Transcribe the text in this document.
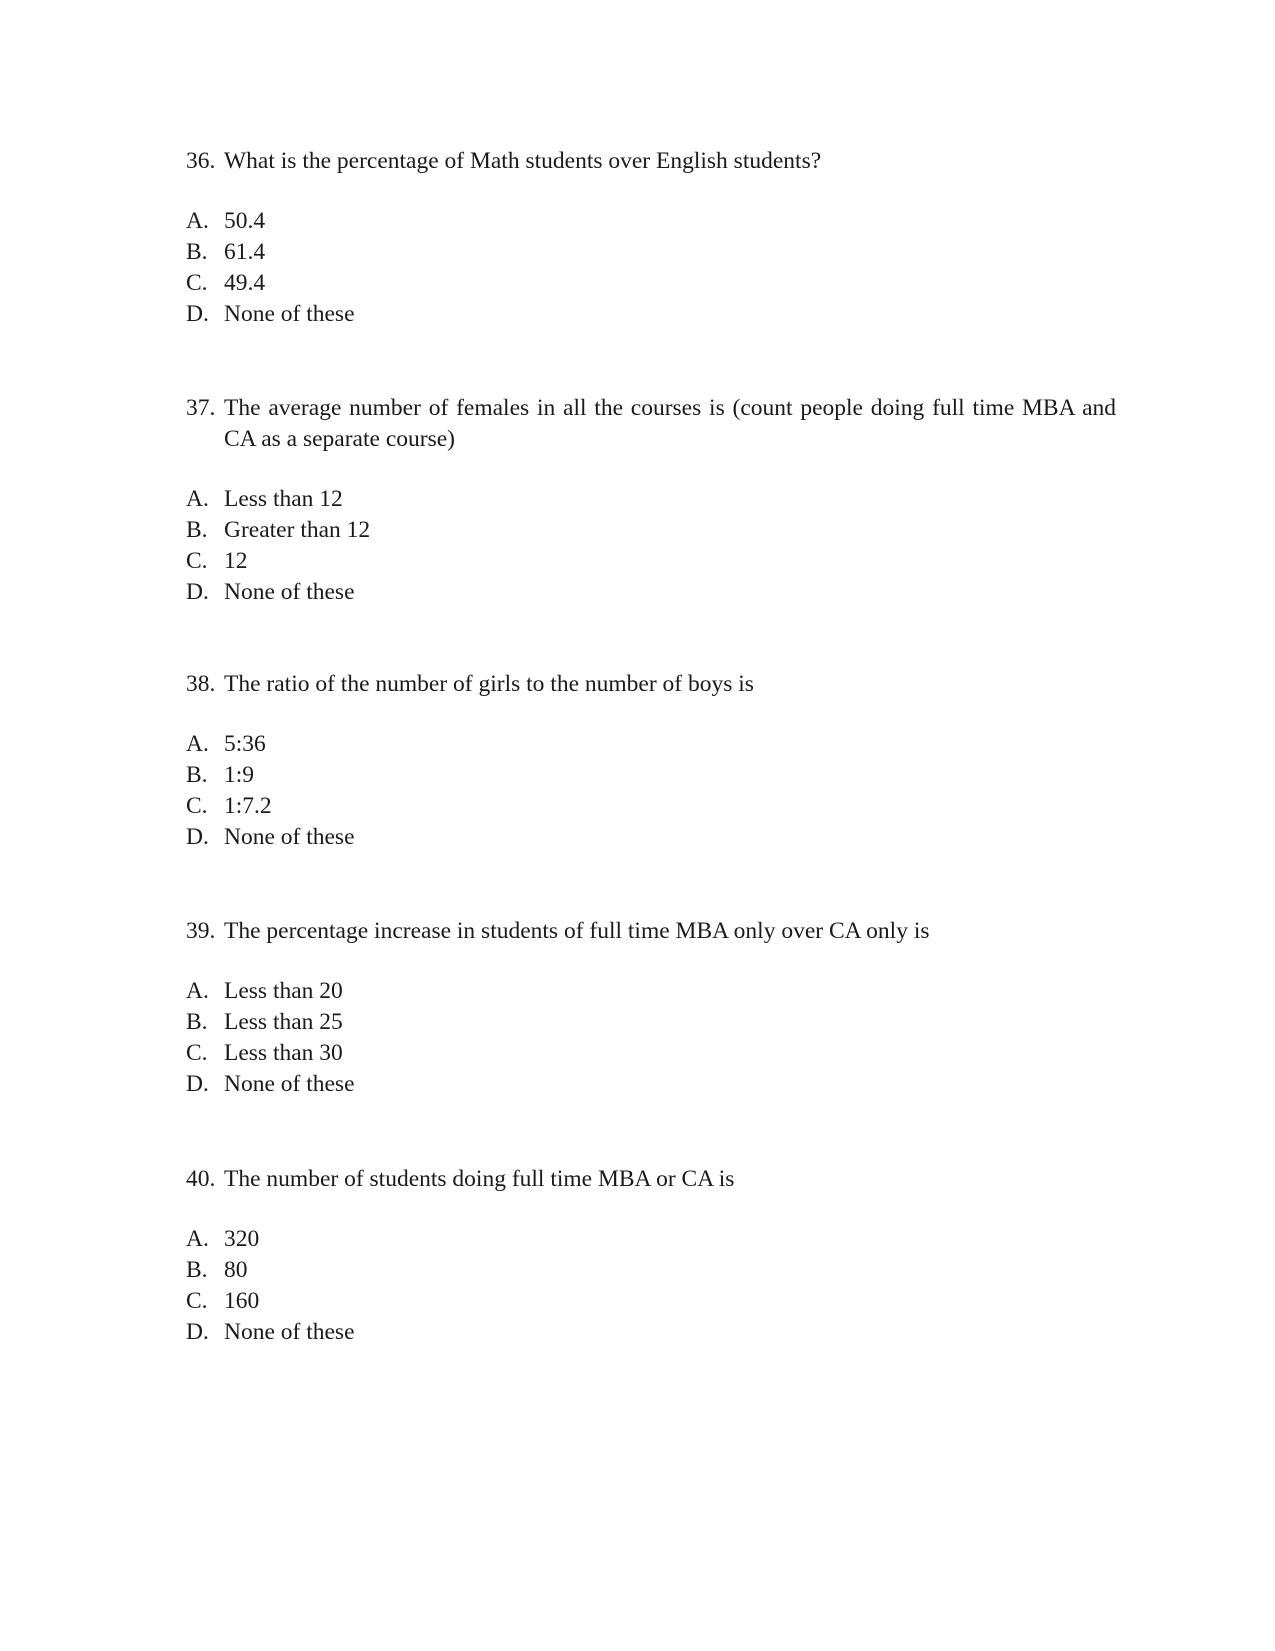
36. What is the percentage of Math students over English students?
A. 50.4
B. 61.4
C. 49.4
D. None of these
37. The average number of females in all the courses is (count people doing full time MBA and CA as a separate course)
A. Less than 12
B. Greater than 12
C. 12
D. None of these
38. The ratio of the number of girls to the number of boys is
A. 5:36
B. 1:9
C. 1:7.2
D. None of these
39. The percentage increase in students of full time MBA only over CA only is
A. Less than 20
B. Less than 25
C. Less than 30
D. None of these
40. The number of students doing full time MBA or CA is
A. 320
B. 80
C. 160
D. None of these
